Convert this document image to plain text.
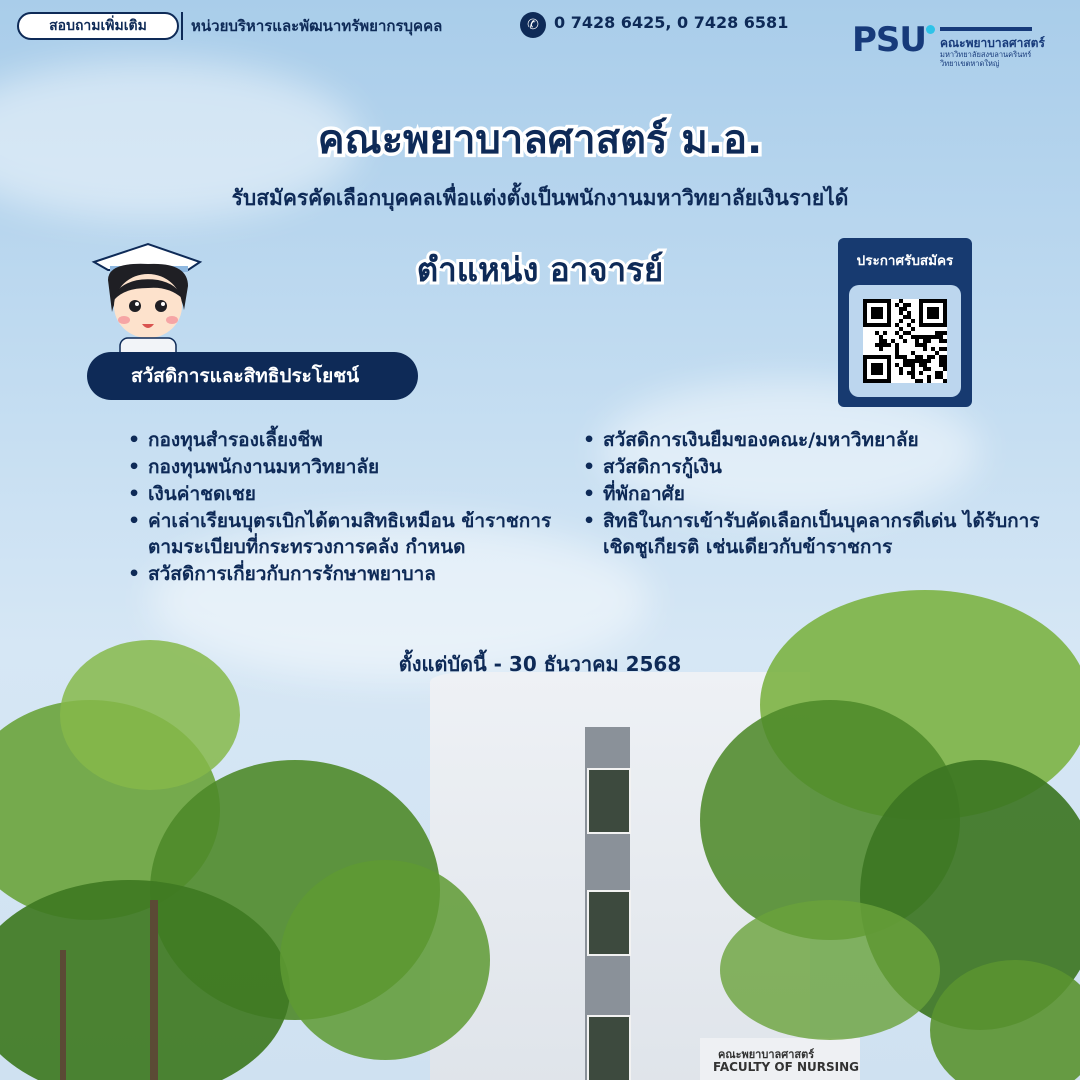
คณะพยาบาลศาสตร์
FACULTY OF NURSING
สอบถามเพิ่มเติม	หน่วยบริหารและพัฒนาทรัพยากรบุคคล	✆ 0 7428 6425, 0 7428 6581 PSU คณะพยาบาลศาสตร์
มหาวิทยาลัยสงขลานครินทร์
วิทยาเขตหาดใหญ่
คณะพยาบาลศาสตร์ ม.อ.
รับสมัครคัดเลือกบุคคลเพื่อแต่งตั้งเป็นพนักงานมหาวิทยาลัยเงินรายได้
ตำแหน่ง อาจารย์
สวัสดิการและสิทธิประโยชน์
ประกาศรับสมัคร
• กองทุนสำรองเลี้ยงชีพ
• กองทุนพนักงานมหาวิทยาลัย
• เงินค่าชดเชย
• ค่าเล่าเรียนบุตรเบิกได้ตามสิทธิเหมือน ข้าราชการตามระเบียบที่กระทรวงการคลัง กำหนด
• สวัสดิการเกี่ยวกับการรักษาพยาบาล
• สวัสดิการเงินยืมของคณะ/มหาวิทยาลัย
• สวัสดิการกู้เงิน
• ที่พักอาศัย
• สิทธิในการเข้ารับคัดเลือกเป็นบุคลากรดีเด่น ได้รับการเชิดชูเกียรติ เช่นเดียวกับข้าราชการ
ตั้งแต่บัดนี้ - 30 ธันวาคม 2568
